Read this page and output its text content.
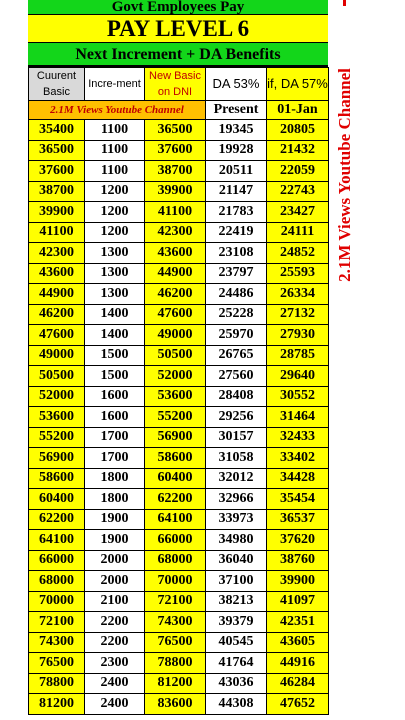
Govt Employees Pay
PAY LEVEL 6
Next Increment + DA Benefits
Cuurent Basic	Incre-ment	New Basic on DNI	DA 53%	if, DA 57%
2.1M Views Youtube Channel			Present	01-Jan
35400	1100	36500	19345	20805
36500	1100	37600	19928	21432
37600	1100	38700	20511	22059
38700	1200	39900	21147	22743
39900	1200	41100	21783	23427
41100	1200	42300	22419	24111
42300	1300	43600	23108	24852
43600	1300	44900	23797	25593
44900	1300	46200	24486	26334
46200	1400	47600	25228	27132
47600	1400	49000	25970	27930
49000	1500	50500	26765	28785
50500	1500	52000	27560	29640
52000	1600	53600	28408	30552
53600	1600	55200	29256	31464
55200	1700	56900	30157	32433
56900	1700	58600	31058	33402
58600	1800	60400	32012	34428
60400	1800	62200	32966	35454
62200	1900	64100	33973	36537
64100	1900	66000	34980	37620
66000	2000	68000	36040	38760
68000	2000	70000	37100	39900
70000	2100	72100	38213	41097
72100	2200	74300	39379	42351
74300	2200	76500	40545	43605
76500	2300	78800	41764	44916
78800	2400	81200	43036	46284
81200	2400	83600	44308	47652
2.1M Views Youtube Channel
